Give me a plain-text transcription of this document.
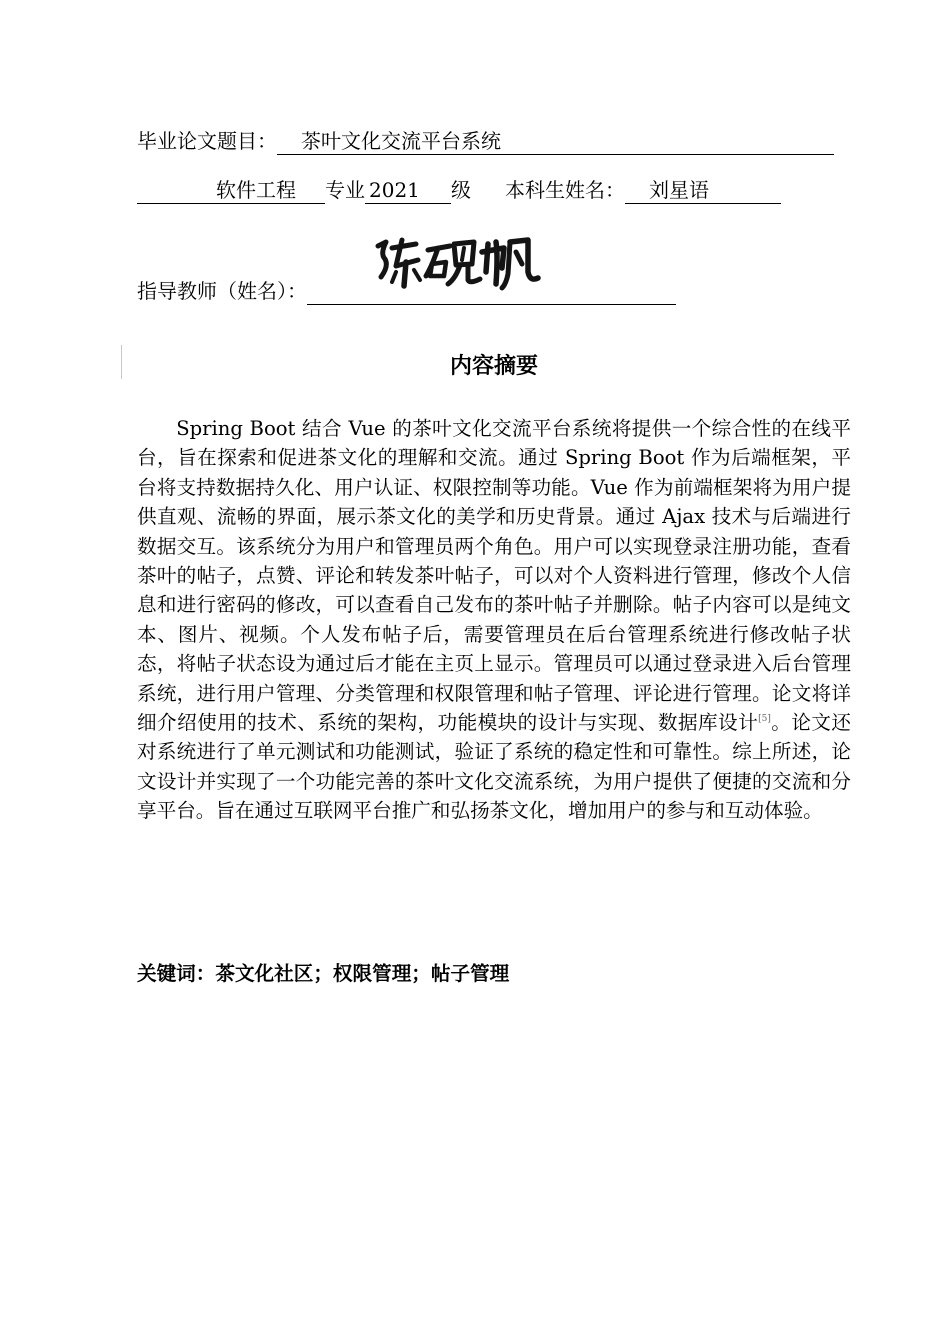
毕业论文题目： 茶叶文化交流平台系统
软件工程 专业 2021 级 本科生姓名： 刘星语
指导教师（姓名）：
内容摘要

Spring Boot 结合 Vue 的茶叶文化交流平台系统将提供一个综合性的在线平台，旨在探索和促进茶文化的理解和交流。通过 Spring Boot 作为后端框架，平台将支持数据持久化、用户认证、权限控制等功能。Vue 作为前端框架将为用户提供直观、流畅的界面，展示茶文化的美学和历史背景。通过 Ajax 技术与后端进行数据交互。该系统分为用户和管理员两个角色。用户可以实现登录注册功能，查看茶叶的帖子，点赞、评论和转发茶叶帖子，可以对个人资料进行管理，修改个人信息和进行密码的修改，可以查看自己发布的茶叶帖子并删除。帖子内容可以是纯文本、图片、视频。个人发布帖子后，需要管理员在后台管理系统进行修改帖子状态，将帖子状态设为通过后才能在主页上显示。管理员可以通过登录进入后台管理系统，进行用户管理、分类管理和权限管理和帖子管理、评论进行管理。论文将详细介绍使用的技术、系统的架构，功能模块的设计与实现、数据库设计[5]。论文还对系统进行了单元测试和功能测试，验证了系统的稳定性和可靠性。综上所述，论文设计并实现了一个功能完善的茶叶文化交流系统，为用户提供了便捷的交流和分享平台。旨在通过互联网平台推广和弘扬茶文化，增加用户的参与和互动体验。

关键词：茶文化社区；权限管理；帖子管理
